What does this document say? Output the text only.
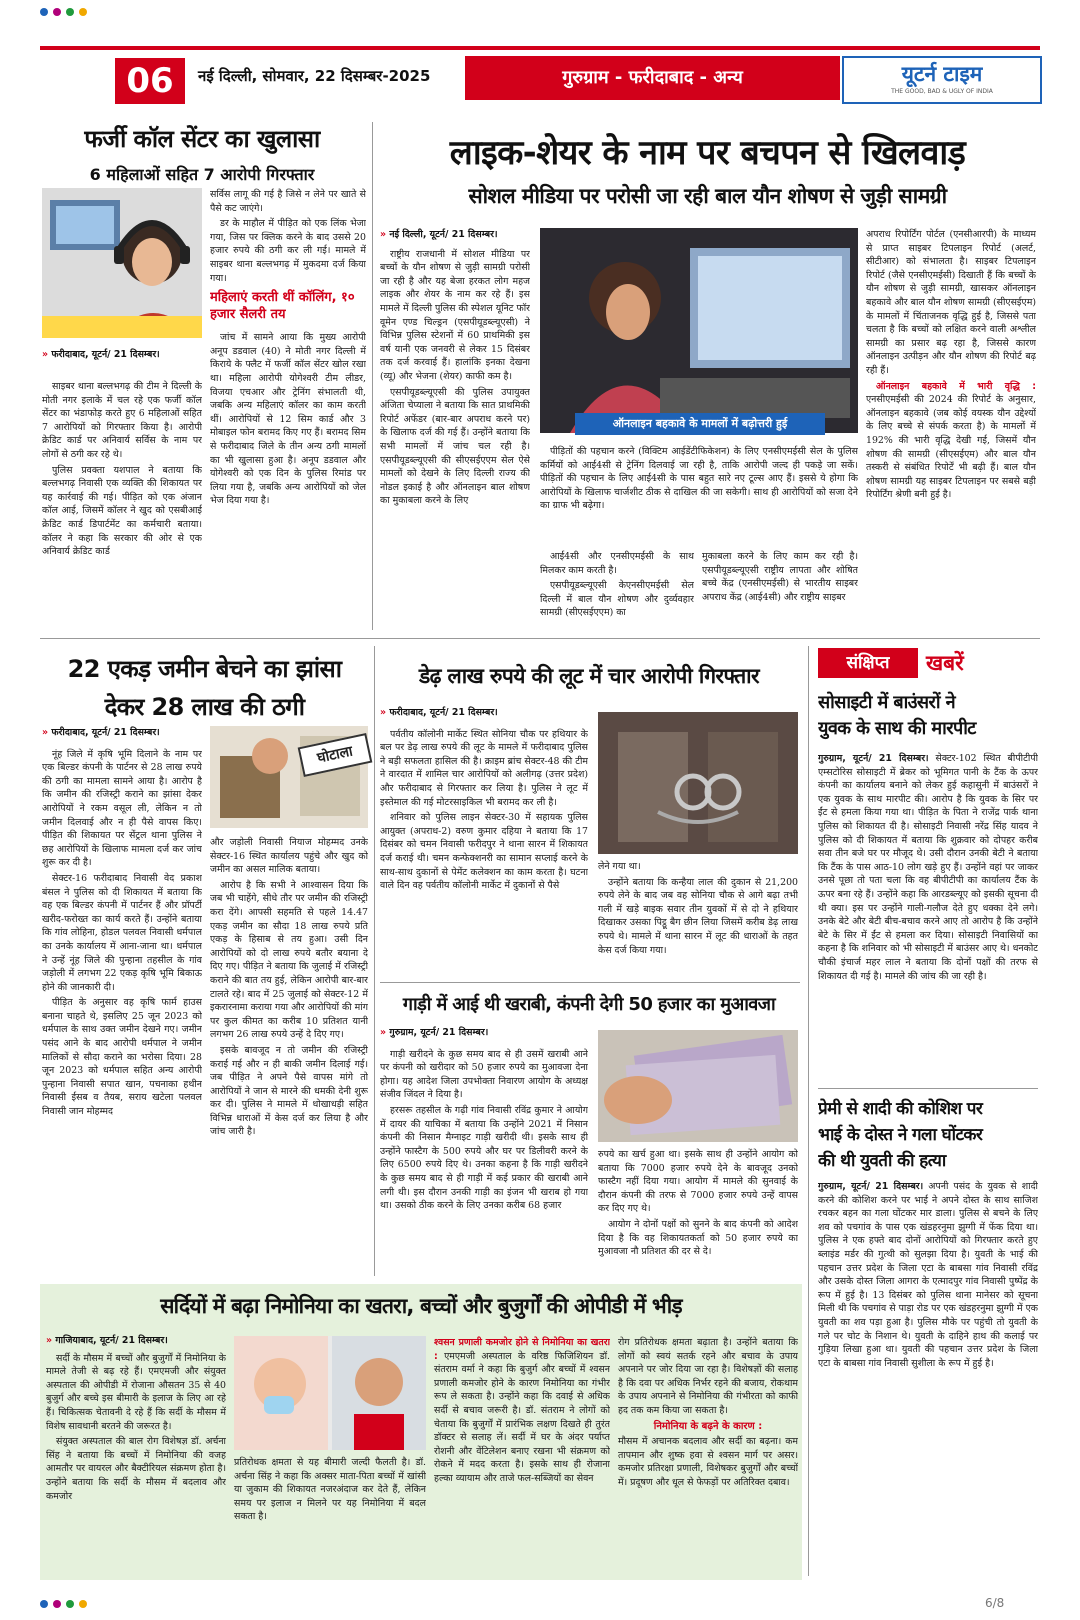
06	नई दिल्ली, सोमवार, 22 दिसम्बर-2025	गुरुग्राम - फरीदाबाद - अन्य	यूटर्न टाइम
THE GOOD, BAD & UGLY OF INDIA
फर्जी कॉल सेंटर का खुलासा
6 महिलाओं सहित 7 आरोपी गिरफ्तार
» फरीदाबाद, यूटर्न/ 21 दिसम्बर।

साइबर थाना बल्लभगढ़ की टीम ने दिल्ली के मोती नगर इलाके में चल रहे एक फर्जी कॉल सेंटर का भंडाफोड़ करते हुए 6 महिलाओं सहित 7 आरोपियों को गिरफ्तार किया है। आरोपी क्रेडिट कार्ड पर अनिवार्य सर्विस के नाम पर लोगों से ठगी कर रहे थे।

पुलिस प्रवक्ता यशपाल ने बताया कि बल्लभगढ़ निवासी एक व्यक्ति की शिकायत पर यह कार्रवाई की गई। पीड़ित को एक अंजान कॉल आई, जिसमें कॉलर ने खुद को एसबीआई क्रेडिट कार्ड डिपार्टमेंट का कर्मचारी बताया। कॉलर ने कहा कि सरकार की ओर से एक अनिवार्य क्रेडिट कार्ड

सर्विस लागू की गई है जिसे न लेने पर खाते से पैसे कट जाएंगे।

डर के माहौल में पीड़ित को एक लिंक भेजा गया, जिस पर क्लिक करने के बाद उससे 20 हजार रुपये की ठगी कर ली गई। मामले में साइबर थाना बल्लभगढ़ में मुकदमा दर्ज किया गया।

महिलाएं करती थीं कॉलिंग, १० हजार सैलरी तय

जांच में सामने आया कि मुख्य आरोपी अनूप डडवाल (40) ने मोती नगर दिल्ली में किराये के फ्लैट में फर्जी कॉल सेंटर खोल रखा था। महिला आरोपी योगेश्वरी टीम लीडर, विजया एचआर और ट्रेनिंग संभालती थी, जबकि अन्य महिलाएं कॉलर का काम करती थीं। आरोपियों से 12 सिम कार्ड और 3 मोबाइल फोन बरामद किए गए हैं। बरामद सिम से फरीदाबाद जिले के तीन अन्य ठगी मामलों का भी खुलासा हुआ है। अनूप डडवाल और योगेश्वरी को एक दिन के पुलिस रिमांड पर लिया गया है, जबकि अन्य आरोपियों को जेल भेज दिया गया है।

लाइक-शेयर के नाम पर बचपन से खिलवाड़
सोशल मीडिया पर परोसी जा रही बाल यौन शोषण से जुड़ी सामग्री
» नई दिल्ली, यूटर्न/ 21 दिसम्बर।

राष्ट्रीय राजधानी में सोशल मीडिया पर बच्चों के यौन शोषण से जुड़ी सामग्री परोसी जा रही है और यह बेजा हरकत लोग महज लाइक और शेयर के नाम कर रहे हैं। इस मामले में दिल्ली पुलिस की स्पेशल यूनिट फॉर वूमेन एण्ड चिल्ड्रन (एसपीयूडब्ल्यूएसी) ने विभिन्न पुलिस स्टेशनों में 60 प्राथमिकी इस वर्ष यानी एक जनवरी से लेकर 15 दिसंबर तक दर्ज करवाई हैं। हालांकि इनका देखना (व्यू) और भेजना (शेयर) काफी कम है।

एसपीयूडब्ल्यूएसी की पुलिस उपायुक्त अंजिता चेप्याला ने बताया कि सात प्राथमिकी रिपोर्ट अफेंडर (बार-बार अपराध करने पर) के खिलाफ दर्ज की गई हैं। उन्होंने बताया कि सभी मामलों में जांच चल रही है। एसपीयूडब्ल्यूएसी की सीएसईएएम सेल ऐसे मामलों को देखने के लिए दिल्ली राज्य की नोडल इकाई है और ऑनलाइन बाल शोषण का मुकाबला करने के लिए

ऑनलाइन बहकावे के मामलों में बढ़ोत्तरी हुई

पीड़ितों की पहचान करने (विक्टिम आईडेंटीफिकेशन) के लिए एनसीएमईसी सेल के पुलिस कर्मियों को आई4सी से ट्रेनिंग दिलवाई जा रही है, ताकि आरोपी जल्द ही पकड़े जा सकें। पीड़ितों की पहचान के लिए आई4सी के पास बहुत सारे नए टूल्स आए हैं। इससे ये होगा कि आरोपियों के खिलाफ चार्जशीट ठीक से दाखिल की जा सकेगी। साथ ही आरोपियों को सजा देने का ग्राफ भी बढ़ेगा।

आई4सी और एनसीएमईसी के साथ मिलकर काम करती है।

एसपीयूडब्ल्यूएसी केएनसीएमईसी सेल दिल्ली में बाल यौन शोषण और दुर्व्यवहार सामग्री (सीएसईएएम) का

मुकाबला करने के लिए काम कर रही है। एसपीयूडब्ल्यूएसी राष्ट्रीय लापता और शोषित बच्चे केंद्र (एनसीएमईसी) से भारतीय साइबर अपराध केंद्र (आई4सी) और राष्ट्रीय साइबर

अपराध रिपोर्टिंग पोर्टल (एनसीआरपी) के माध्यम से प्राप्त साइबर टिपलाइन रिपोर्ट (अलर्ट, सीटीआर) को संभालता है। साइबर टिपलाइन रिपोर्ट (जैसे एनसीएमईसी) दिखाती हैं कि बच्चों के यौन शोषण से जुड़ी सामग्री, खासकर ऑनलाइन बहकावे और बाल यौन शोषण सामग्री (सीएसईएम) के मामलों में चिंताजनक वृद्धि हुई है, जिससे पता चलता है कि बच्चों को लक्षित करने वाली अश्लील सामग्री का प्रसार बढ़ रहा है, जिससे कारण ऑनलाइन उत्पीड़न और यौन शोषण की रिपोर्ट बढ़ रही हैं।

ऑनलाइन बहकावे में भारी वृद्धि : एनसीएमईसी की 2024 की रिपोर्ट के अनुसार, ऑनलाइन बहकावे (जब कोई वयस्क यौन उद्देश्यों के लिए बच्चे से संपर्क करता है) के मामलों में 192% की भारी वृद्धि देखी गई, जिसमें यौन शोषण की सामग्री (सीएसईएम) और बाल यौन तस्करी से संबंधित रिपोर्टें भी बढ़ी हैं। बाल यौन शोषण सामग्री यह साइबर टिपलाइन पर सबसे बड़ी रिपोर्टिंग श्रेणी बनी हुई है।

22 एकड़ जमीन बेचने का झांसा
देकर 28 लाख की ठगी
» फरीदाबाद, यूटर्न/ 21 दिसम्बर।

नूंह जिले में कृषि भूमि दिलाने के नाम पर एक बिल्डर कंपनी के पार्टनर से 28 लाख रुपये की ठगी का मामला सामने आया है। आरोप है कि जमीन की रजिस्ट्री कराने का झांसा देकर आरोपियों ने रकम वसूल ली, लेकिन न तो जमीन दिलवाई और न ही पैसे वापस किए। पीड़ित की शिकायत पर सेंट्रल थाना पुलिस ने छह आरोपियों के खिलाफ मामला दर्ज कर जांच शुरू कर दी है।

सेक्टर-16 फरीदाबाद निवासी वेद प्रकाश बंसल ने पुलिस को दी शिकायत में बताया कि वह एक बिल्डर कंपनी में पार्टनर हैं और प्रॉपर्टी खरीद-फरोख्त का कार्य करते हैं। उन्होंने बताया कि गांव लोहिना, होडल पलवल निवासी धर्मपाल का उनके कार्यालय में आना-जाना था। धर्मपाल ने उन्हें नूंह जिले की पुन्हाना तहसील के गांव जड़ोली में लगभग 22 एकड़ कृषि भूमि बिकाऊ होने की जानकारी दी।

पीड़ित के अनुसार वह कृषि फार्म हाउस बनाना चाहते थे, इसलिए 25 जून 2023 को धर्मपाल के साथ उक्त जमीन देखने गए। जमीन पसंद आने के बाद आरोपी धर्मपाल ने जमीन मालिकों से सौदा कराने का भरोसा दिया। 28 जून 2023 को धर्मपाल सहित अन्य आरोपी पुन्हाना निवासी सपात खान, पचनाका हथीन निवासी ईसब व तैयब, सराय खटेला पलवल निवासी जान मोहम्मद

घोटाला

और जड़ोली निवासी नियाज मोहम्मद उनके सेक्टर-16 स्थित कार्यालय पहुंचे और खुद को जमीन का असल मालिक बताया।

आरोप है कि सभी ने आश्वासन दिया कि जब भी चाहेंगे, सीधे तौर पर जमीन की रजिस्ट्री करा देंगे। आपसी सहमति से पहले 14.47 एकड़ जमीन का सौदा 18 लाख रुपये प्रति एकड़ के हिसाब से तय हुआ। उसी दिन आरोपियों को दो लाख रुपये बतौर बयाना दे दिए गए। पीड़ित ने बताया कि जुलाई में रजिस्ट्री कराने की बात तय हुई, लेकिन आरोपी बार-बार टालते रहे। बाद में 25 जुलाई को सेक्टर-12 में इकरारनामा कराया गया और आरोपियों की मांग पर कुल कीमत का करीब 10 प्रतिशत यानी लगभग 26 लाख रुपये उन्हें दे दिए गए।

इसके बावजूद न तो जमीन की रजिस्ट्री कराई गई और न ही बाकी जमीन दिलाई गई। जब पीड़ित ने अपने पैसे वापस मांगे तो आरोपियों ने जान से मारने की धमकी देनी शुरू कर दी। पुलिस ने मामले में धोखाधड़ी सहित विभिन्न धाराओं में केस दर्ज कर लिया है और जांच जारी है।

डेढ़ लाख रुपये की लूट में चार आरोपी गिरफ्तार
» फरीदाबाद, यूटर्न/ 21 दिसम्बर।

पर्वतीय कॉलोनी मार्केट स्थित सोनिया चौक पर हथियार के बल पर डेढ़ लाख रुपये की लूट के मामले में फरीदाबाद पुलिस ने बड़ी सफलता हासिल की है। क्राइम ब्रांच सेक्टर-48 की टीम ने वारदात में शामिल चार आरोपियों को अलीगढ़ (उत्तर प्रदेश) और फरीदाबाद से गिरफ्तार कर लिया है। पुलिस ने लूट में इस्तेमाल की गई मोटरसाइकिल भी बरामद कर ली है।

शनिवार को पुलिस लाइन सेक्टर-30 में सहायक पुलिस आयुक्त (अपराध-2) वरुण कुमार दहिया ने बताया कि 17 दिसंबर को चमन निवासी फरीदपुर ने थाना सारन में शिकायत दर्ज कराई थी। चमन कन्फेक्शनरी का सामान सप्लाई करने के साथ-साथ दुकानों से पेमेंट कलेक्शन का काम करता है। घटना वाले दिन वह पर्वतीय कॉलोनी मार्केट में दुकानों से पैसे

लेने गया था।

उन्होंने बताया कि कन्हैया लाल की दुकान से 21,200 रुपये लेने के बाद जब वह सोनिया चौक से आगे बढ़ा तभी गली में खड़े बाइक सवार तीन युवकों में से दो ने हथियार दिखाकर उसका पिट्ठू बैग छीन लिया जिसमें करीब डेढ़ लाख रुपये थे। मामले में थाना सारन में लूट की धाराओं के तहत केस दर्ज किया गया।

गाड़ी में आई थी खराबी, कंपनी देगी 50 हजार का मुआवजा
» गुरुग्राम, यूटर्न/ 21 दिसम्बर।

गाड़ी खरीदने के कुछ समय बाद से ही उसमें खराबी आने पर कंपनी को खरीदार को 50 हजार रुपये का मुआवजा देना होगा। यह आदेश जिला उपभोक्ता निवारण आयोग के अध्यक्ष संजीव जिंदल ने दिया है।

हरसरू तहसील के गढ़ी गांव निवासी रविंद्र कुमार ने आयोग में दायर की याचिका में बताया कि उन्होंने 2021 में निसान कंपनी की निसान मैग्नाइट गाड़ी खरीदी थी। इसके साथ ही उन्होंने फास्टैग के 500 रुपये और घर पर डिलीवरी करने के लिए 6500 रुपये दिए थे। उनका कहना है कि गाड़ी खरीदने के कुछ समय बाद से ही गाड़ी में कई प्रकार की खराबी आने लगी थी। इस दौरान उनकी गाड़ी का इंजन भी खराब हो गया था। उसको ठीक करने के लिए उनका करीब 68 हजार

रुपये का खर्च हुआ था। इसके साथ ही उन्होंने आयोग को बताया कि 7000 हजार रुपये देने के बावजूद उनको फास्टैग नहीं दिया गया। आयोग में मामले की सुनवाई के दौरान कंपनी की तरफ से 7000 हजार रुपये उन्हें वापस कर दिए गए थे।

आयोग ने दोनों पक्षों को सुनने के बाद कंपनी को आदेश दिया है कि वह शिकायतकर्ता को 50 हजार रुपये का मुआवजा नौ प्रतिशत की दर से दे।

संक्षिप्त	खबरें
सोसाइटी में बाउंसरों ने
युवक के साथ की मारपीट

गुरुग्राम, यूटर्न/ 21 दिसम्बर। सेक्टर-102 स्थित बीपीटीपी एम्सटोरिस सोसाइटी में ब्रेकर को भूमिगत पानी के टैंक के ऊपर कंपनी का कार्यालय बनाने को लेकर हुई कहासुनी में बाउंसरों ने एक युवक के साथ मारपीट की। आरोप है कि युवक के सिर पर ईंट से हमला किया गया था। पीड़ित के पिता ने राजेंद्र पार्क थाना पुलिस को शिकायत दी है। सोसाइटी निवासी नरेंद्र सिंह यादव ने पुलिस को दी शिकायत में बताया कि शुक्रवार को दोपहर करीब सवा तीन बजे घर पर मौजूद थे। उसी दौरान उनकी बेटी ने बताया कि टैंक के पास आठ-10 लोग खड़े हुए हैं। उन्होंने वहां पर जाकर उनसे पूछा तो पता चला कि वह बीपीटीपी का कार्यालय टैंक के ऊपर बना रहे हैं। उन्होंने कहा कि आरडब्ल्यूए को इसकी सूचना दी थी क्या। इस पर उन्होंने गाली-गलौज देते हुए धक्का देने लगे। उनके बेटे और बेटी बीच-बचाव करने आए तो आरोप है कि उन्होंने बेटे के सिर में ईंट से हमला कर दिया। सोसाइटी निवासियों का कहना है कि शनिवार को भी सोसाइटी में बाउंसर आए थे। धनकोट चौकी इंचार्ज महर लाल ने बताया कि दोनों पक्षों की तरफ से शिकायत दी गई है। मामले की जांच की जा रही है।

प्रेमी से शादी की कोशिश पर
भाई के दोस्त ने गला घोंटकर
की थी युवती की हत्या

गुरुग्राम, यूटर्न/ 21 दिसम्बर। अपनी पसंद के युवक से शादी करने की कोशिश करने पर भाई ने अपने दोस्त के साथ साजिश रचकर बहन का गला घोंटकर मार डाला। पुलिस से बचने के लिए शव को पचगांव के पास एक खंडहरनुमा झुग्गी में फेंक दिया था। पुलिस ने एक हफ्ते बाद दोनों आरोपियों को गिरफ्तार करते हुए ब्लाइंड मर्डर की गुत्थी को सुलझा दिया है। युवती के भाई की पहचान उत्तर प्रदेश के जिला एटा के बाबसा गांव निवासी रविंद्र और उसके दोस्त जिला आगरा के एत्मादपुर गांव निवासी पुष्पेंद्र के रूप में हुई है। 13 दिसंबर को पुलिस थाना मानेसर को सूचना मिली थी कि पचगांव से पाड़ा रोड पर एक खंडहरनुमा झुग्गी में एक युवती का शव पड़ा हुआ है। पुलिस मौके पर पहुंची तो युवती के गले पर चोट के निशान थे। युवती के दाहिने हाथ की कलाई पर गुड़िया लिखा हुआ था। युवती की पहचान उत्तर प्रदेश के जिला एटा के बाबसा गांव निवासी सुशीला के रूप में हुई है।

सर्दियों में बढ़ा निमोनिया का खतरा, बच्चों और बुजुर्गों की ओपीडी में भीड़
» गाजियाबाद, यूटर्न/ 21 दिसम्बर।

सर्दी के मौसम में बच्चों और बुजुर्गों में निमोनिया के मामले तेजी से बढ़ रहे हैं। एमएमजी और संयुक्त अस्पताल की ओपीडी में रोजाना औसतन 35 से 40 बुजुर्ग और बच्चे इस बीमारी के इलाज के लिए आ रहे हैं। चिकित्सक चेतावनी दे रहे हैं कि सर्दी के मौसम में विशेष सावधानी बरतने की जरूरत है।

संयुक्त अस्पताल की बाल रोग विशेषज्ञ डॉ. अर्चना सिंह ने बताया कि बच्चों में निमोनिया की वजह आमतौर पर वायरल और बैक्टीरियल संक्रमण होता है। उन्होंने बताया कि सर्दी के मौसम में बदलाव और कमजोर

प्रतिरोधक क्षमता से यह बीमारी जल्दी फैलती है। डॉ. अर्चना सिंह ने कहा कि अक्सर माता-पिता बच्चों में खांसी या जुकाम की शिकायत नजरअंदाज कर देते हैं, लेकिन समय पर इलाज न मिलने पर यह निमोनिया में बदल सकता है।

श्वसन प्रणाली कमजोर होने से निमोनिया का खतरा : एमएमजी अस्पताल के वरिष्ठ फिजिशियन डॉ. संतराम वर्मा ने कहा कि बुजुर्ग और बच्चों में श्वसन प्रणाली कमजोर होने के कारण निमोनिया का गंभीर रूप ले सकता है। उन्होंने कहा कि दवाई से अधिक सर्दी से बचाव जरूरी है। डॉ. संतराम ने लोगों को चेताया कि बुजुर्गों में प्रारंभिक लक्षण दिखते ही तुरंत डॉक्टर से सलाह लें। सर्दी में घर के अंदर पर्याप्त रोशनी और वेंटिलेशन बनाए रखना भी संक्रमण को रोकने में मदद करता है। इसके साथ ही रोजाना हल्का व्यायाम और ताजे फल-सब्जियों का सेवन

रोग प्रतिरोधक क्षमता बढ़ाता है। उन्होंने बताया कि लोगों को स्वयं सतर्क रहने और बचाव के उपाय अपनाने पर जोर दिया जा रहा है। विशेषज्ञों की सलाह है कि दवा पर अधिक निर्भर रहने की बजाय, रोकथाम के उपाय अपनाने से निमोनिया की गंभीरता को काफी हद तक कम किया जा सकता है।

निमोनिया के बढ़ने के कारण :

मौसम में अचानक बदलाव और सर्दी का बढ़ना। कम तापमान और शुष्क हवा से श्वसन मार्ग पर असर। कमजोर प्रतिरक्षा प्रणाली, विशेषकर बुजुर्गों और बच्चों में। प्रदूषण और धूल से फेफड़ों पर अतिरिक्त दबाव।

6/8
